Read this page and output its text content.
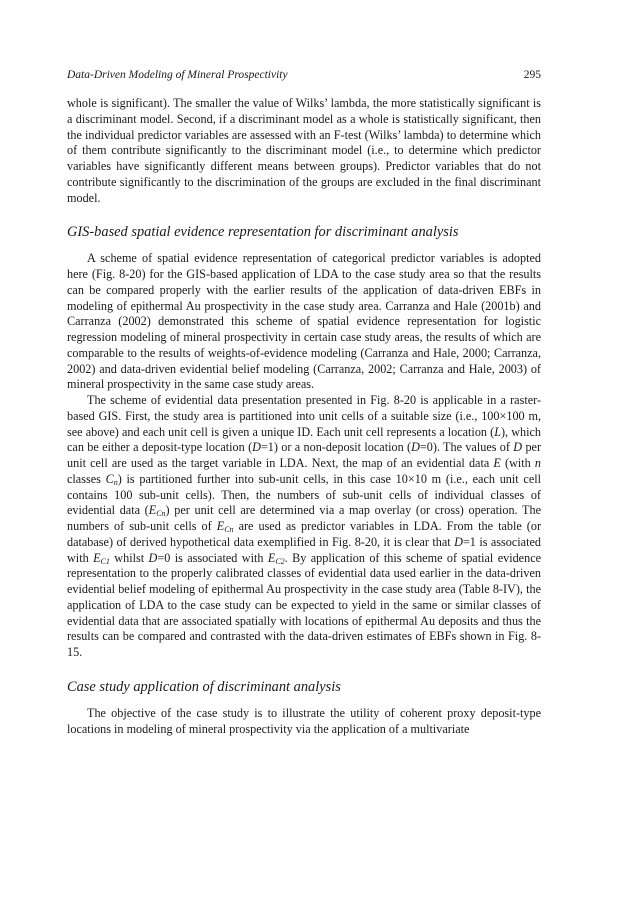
Data-Driven Modeling of Mineral Prospectivity	295

whole is significant). The smaller the value of Wilks’ lambda, the more statistically significant is a discriminant model. Second, if a discriminant model as a whole is statistically significant, then the individual predictor variables are assessed with an F-test (Wilks’ lambda) to determine which of them contribute significantly to the discriminant model (i.e., to determine which predictor variables have significantly different means between groups). Predictor variables that do not contribute significantly to the discrimination of the groups are excluded in the final discriminant model.

GIS-based spatial evidence representation for discriminant analysis

A scheme of spatial evidence representation of categorical predictor variables is adopted here (Fig. 8-20) for the GIS-based application of LDA to the case study area so that the results can be compared properly with the earlier results of the application of data-driven EBFs in modeling of epithermal Au prospectivity in the case study area. Carranza and Hale (2001b) and Carranza (2002) demonstrated this scheme of spatial evidence representation for logistic regression modeling of mineral prospectivity in certain case study areas, the results of which are comparable to the results of weights-of-evidence modeling (Carranza and Hale, 2000; Carranza, 2002) and data-driven evidential belief modeling (Carranza, 2002; Carranza and Hale, 2003) of mineral prospectivity in the same case study areas.

The scheme of evidential data presentation presented in Fig. 8-20 is applicable in a raster-based GIS. First, the study area is partitioned into unit cells of a suitable size (i.e., 100×100 m, see above) and each unit cell is given a unique ID. Each unit cell represents a location (L), which can be either a deposit-type location (D=1) or a non-deposit location (D=0). The values of D per unit cell are used as the target variable in LDA. Next, the map of an evidential data E (with n classes $C_n$) is partitioned further into sub-unit cells, in this case 10×10 m (i.e., each unit cell contains 100 sub-unit cells). Then, the numbers of sub-unit cells of individual classes of evidential data $(E_{Cn})$ per unit cell are determined via a map overlay (or cross) operation. The numbers of sub-unit cells of $E_{Cn}$ are used as predictor variables in LDA. From the table (or database) of derived hypothetical data exemplified in Fig. 8-20, it is clear that D=1 is associated with $E_{C1}$ whilst D=0 is associated with $E_{C2}$. By application of this scheme of spatial evidence representation to the properly calibrated classes of evidential data used earlier in the data-driven evidential belief modeling of epithermal Au prospectivity in the case study area (Table 8-IV), the application of LDA to the case study can be expected to yield in the same or similar classes of evidential data that are associated spatially with locations of epithermal Au deposits and thus the results can be compared and contrasted with the data-driven estimates of EBFs shown in Fig. 8-15.

Case study application of discriminant analysis

The objective of the case study is to illustrate the utility of coherent proxy deposit-type locations in modeling of mineral prospectivity via the application of a multivariate
